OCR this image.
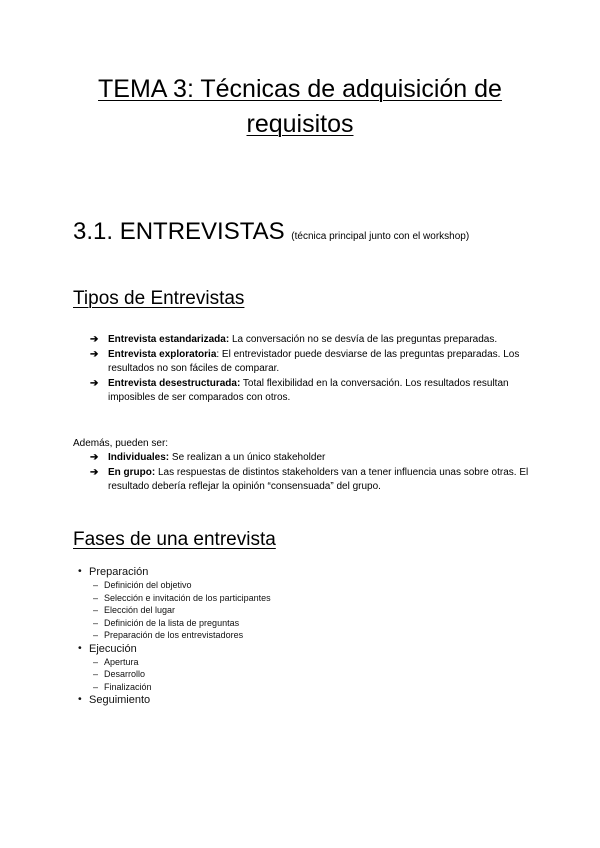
TEMA 3: Técnicas de adquisición de requisitos
3.1. ENTREVISTAS (técnica principal junto con el workshop)
Tipos de Entrevistas
➔ Entrevista estandarizada: La conversación no se desvía de las preguntas preparadas.
➔ Entrevista exploratoria: El entrevistador puede desviarse de las preguntas preparadas. Los resultados no son fáciles de comparar.
➔ Entrevista desestructurada: Total flexibilidad en la conversación. Los resultados resultan imposibles de ser comparados con otros.

Además, pueden ser:

➔ Individuales: Se realizan a un único stakeholder
➔ En grupo: Las respuestas de distintos stakeholders van a tener influencia unas sobre otras. El resultado debería reflejar la opinión “consensuada” del grupo.
Fases de una entrevista
• Preparación
– Definición del objetivo
– Selección e invitación de los participantes
– Elección del lugar
– Definición de la lista de preguntas
– Preparación de los entrevistadores
• Ejecución
– Apertura
– Desarrollo
– Finalización
• Seguimiento
